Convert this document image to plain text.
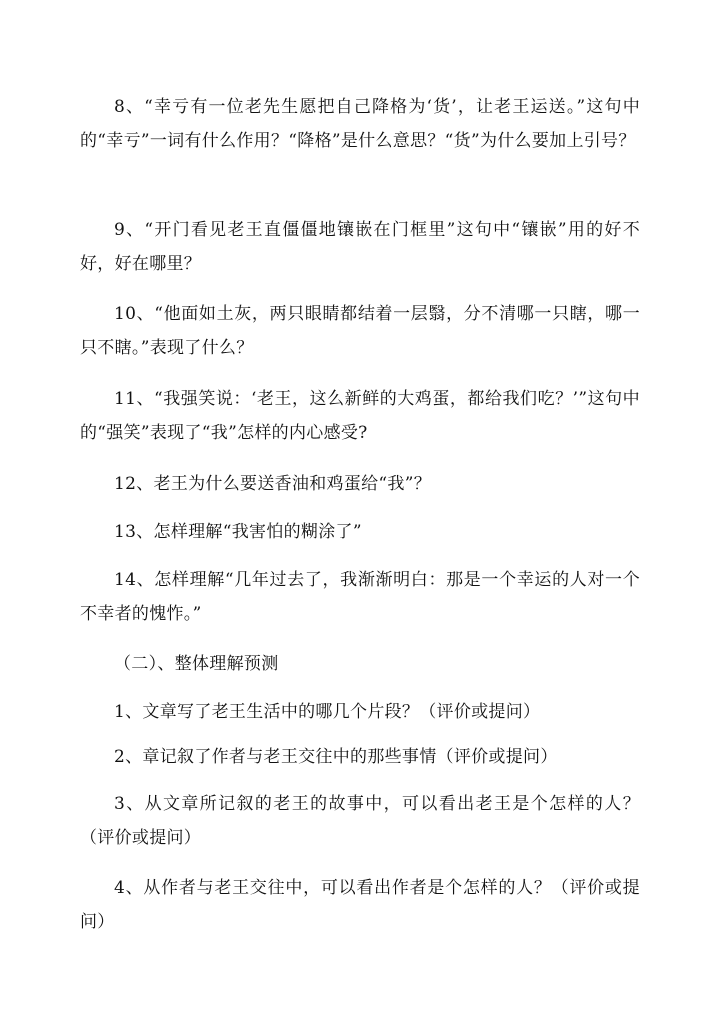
8、“幸亏有一位老先生愿把自己降格为‘货’，让老王运送。”这句中的“幸亏”一词有什么作用？“降格”是什么意思？“货”为什么要加上引号？

9、“开门看见老王直僵僵地镶嵌在门框里”这句中“镶嵌”用的好不好，好在哪里？

10、“他面如土灰，两只眼睛都结着一层翳，分不清哪一只瞎，哪一只不瞎。”表现了什么？

11、“我强笑说：‘老王，这么新鲜的大鸡蛋，都给我们吃？’”这句中的“强笑”表现了“我”怎样的内心感受?

12、老王为什么要送香油和鸡蛋给“我”？

13、怎样理解“我害怕的糊涂了”

14、怎样理解“几年过去了，我渐渐明白：那是一个幸运的人对一个不幸者的愧怍。”

（二）、整体理解预测

1、文章写了老王生活中的哪几个片段？（评价或提问）

2、章记叙了作者与老王交往中的那些事情（评价或提问）

3、从文章所记叙的老王的故事中，可以看出老王是个怎样的人？（评价或提问）

4、从作者与老王交往中，可以看出作者是个怎样的人？（评价或提问）
